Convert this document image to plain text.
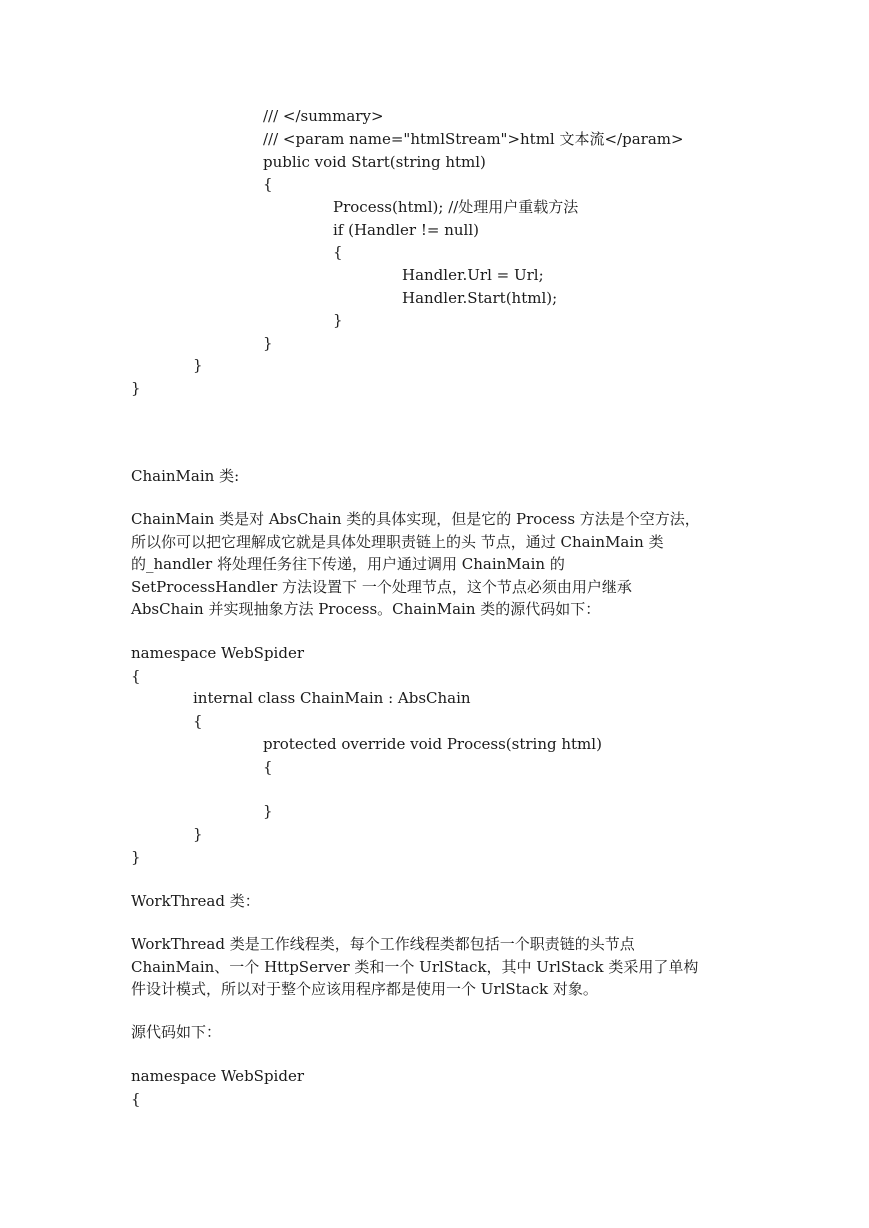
/// </summary>
/// <param name="htmlStream">html 文本流</param>
public void Start(string html)
{
Process(html); //处理用户重载方法
if (Handler != null)
{
Handler.Url = Url;
Handler.Start(html);
}
}
}
}
ChainMain 类:
ChainMain 类是对 AbsChain 类的具体实现，但是它的 Process 方法是个空方法，
所以你可以把它理解成它就是具体处理职责链上的头 节点，通过 ChainMain 类
的_handler 将处理任务往下传递，用户通过调用 ChainMain 的
SetProcessHandler 方法设置下 一个处理节点，这个节点必须由用户继承
AbsChain 并实现抽象方法 Process。ChainMain 类的源代码如下：
namespace WebSpider
{
internal class ChainMain : AbsChain
{
protected override void Process(string html)
{
}
}
}
WorkThread 类：
WorkThread 类是工作线程类，每个工作线程类都包括一个职责链的头节点
ChainMain、一个 HttpServer 类和一个 UrlStack，其中 UrlStack 类采用了单构
件设计模式，所以对于整个应该用程序都是使用一个 UrlStack 对象。
源代码如下：
namespace WebSpider
{
